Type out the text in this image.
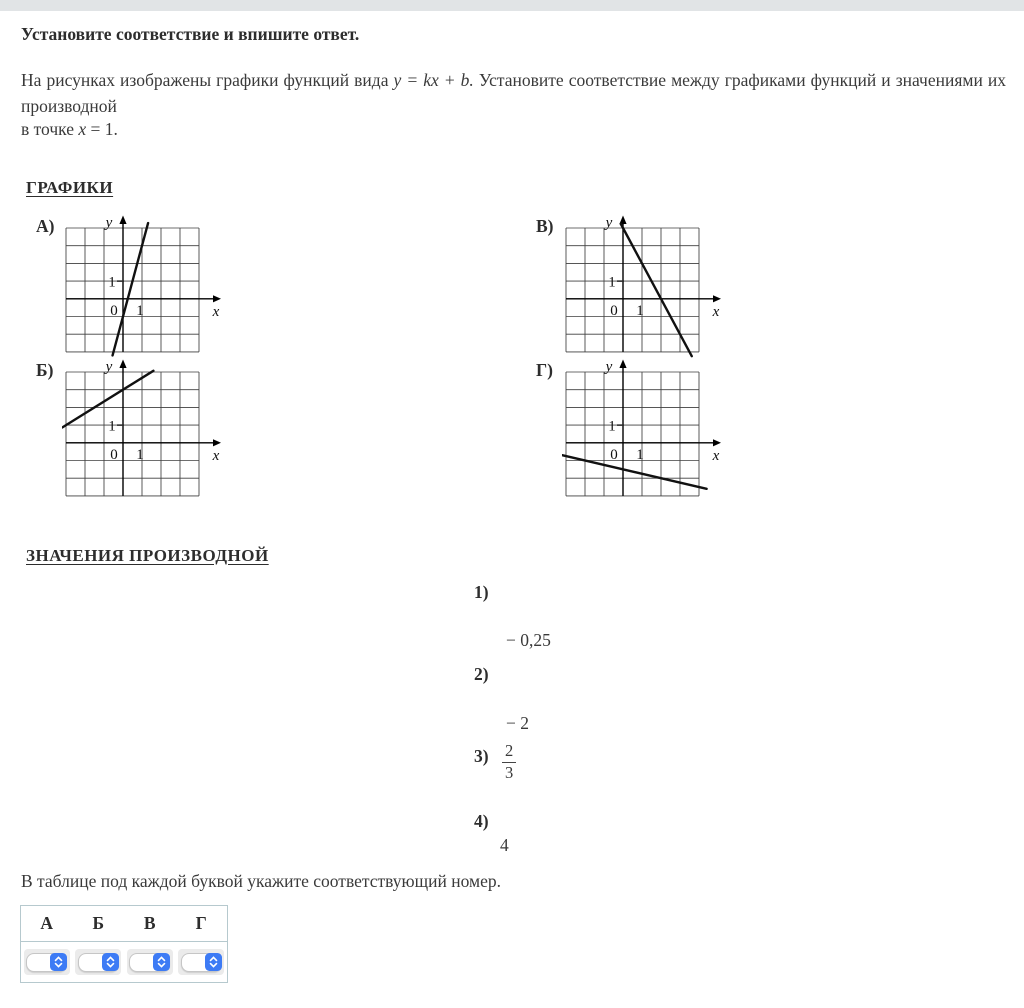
Установите соответствие и впишите ответ.
На рисунках изображены графики функций вида y = kx + b. Установите соответствие между графиками функций и значениями их производной
в точке x = 1.
ГРАФИКИ
А)	y
x
0 1
1
В)	y
x
0 1
1
Б)	y
x
0 1
1
Г)	y
x
0 1
1
ЗНАЧЕНИЯ ПРОИЗВОДНОЙ
1)
− 0,25
2)
− 2
$3) \frac{2}{3}$
4)
4
В таблице под каждой буквой укажите соответствующий номер.
А	Б	В	Г
